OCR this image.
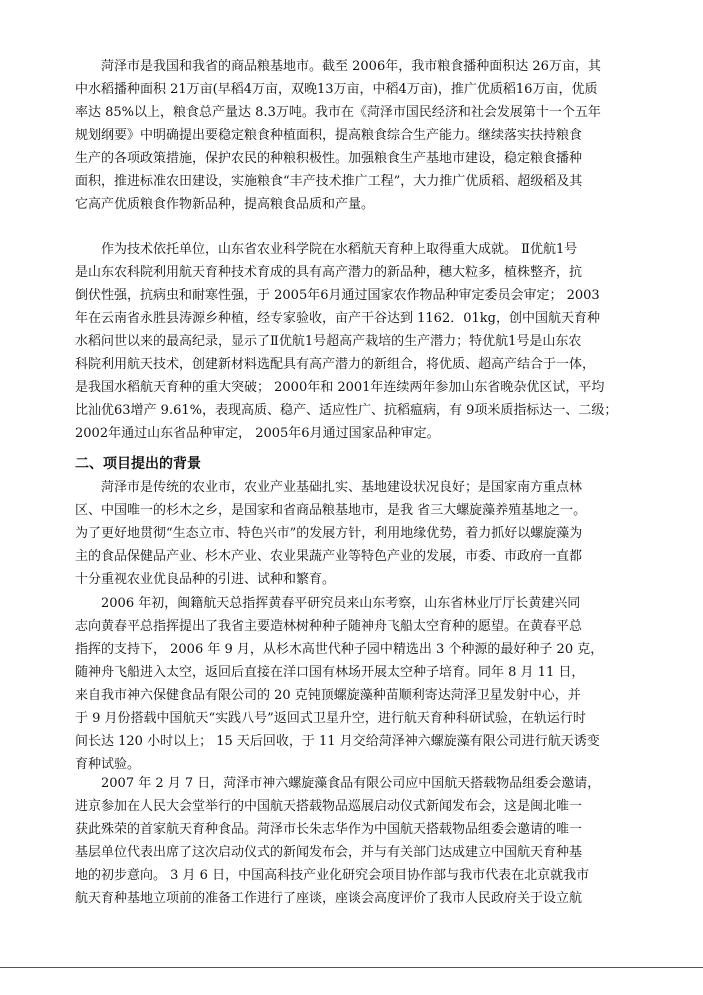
　　菏泽市是我国和我省的商品粮基地市。截至 2006年，我市粮食播种面积达 26万亩，其
中水稻播种面积 21万亩(早稻4万亩，双晚13万亩，中稻4万亩)，推广优质稻16万亩，优质
率达 85%以上，粮食总产量达 8.3万吨。我市在《菏泽市国民经济和社会发展第十一个五年
规划纲要》中明确提出要稳定粮食种植面积，提高粮食综合生产能力。继续落实扶持粮食
生产的各项政策措施，保护农民的种粮积极性。加强粮食生产基地市建设，稳定粮食播种
面积，推进标准农田建设，实施粮食“丰产技术推广工程”，大力推广优质稻、超级稻及其
它高产优质粮食作物新品种，提高粮食品质和产量。
　　作为技术依托单位，山东省农业科学院在水稻航天育种上取得重大成就。 Ⅱ优航1号
是山东农科院利用航天育种技术育成的具有高产潜力的新品种，穗大粒多，植株整齐，抗
倒伏性强，抗病虫和耐寒性强，于 2005年6月通过国家农作物品种审定委员会审定； 2003
年在云南省永胜县涛源乡种植，经专家验收，亩产干谷达到 1162．01kg，创中国航天育种
水稻问世以来的最高纪录，显示了Ⅱ优航1号超高产栽培的生产潜力；特优航1号是山东农
科院利用航天技术，创建新材料选配具有高产潜力的新组合，将优质、超高产结合于一体，
是我国水稻航天育种的重大突破； 2000年和 2001年连续两年参加山东省晚杂优区试，平均
比汕优63增产 9.61%，表现高质、稳产、适应性广、抗稻瘟病，有 9项米质指标达一、二级；
2002年通过山东省品种审定， 2005年6月通过国家品种审定。
二、项目提出的背景
　　菏泽市是传统的农业市，农业产业基础扎实、基地建设状况良好；是国家南方重点林
区、中国唯一的杉木之乡，是国家和省商品粮基地市，是我 省三大螺旋藻养殖基地之一。
为了更好地贯彻“生态立市、特色兴市”的发展方针，利用地缘优势，着力抓好以螺旋藻为
主的食品保健品产业、杉木产业、农业果蔬产业等特色产业的发展，市委、市政府一直都
十分重视农业优良品种的引进、试种和繁育。
　　2006 年初，闽籍航天总指挥黄春平研究员来山东考察，山东省林业厅厅长黄建兴同
志向黄春平总指挥提出了我省主要造林树种种子随神舟飞船太空育种的愿望。在黄春平总
指挥的支持下， 2006 年 9 月，从杉木高世代种子园中精选出 3 个种源的最好种子 20 克，
随神舟飞船进入太空，返回后直接在洋口国有林场开展太空种子培育。同年 8 月 11 日，
来自我市神六保健食品有限公司的 20 克钝顶螺旋藻种苗顺利寄达菏泽卫星发射中心，并
于 9 月份搭载中国航天“实践八号”返回式卫星升空，进行航天育种科研试验，在轨运行时
间长达 120 小时以上； 15 天后回收，于 11 月交给菏泽神六螺旋藻有限公司进行航天诱变
育种试验。
　　2007 年 2 月 7 日，菏泽市神六螺旋藻食品有限公司应中国航天搭载物品组委会邀请，
进京参加在人民大会堂举行的中国航天搭载物品巡展启动仪式新闻发布会，这是闽北唯一
获此殊荣的首家航天育种食品。菏泽市长朱志华作为中国航天搭载物品组委会邀请的唯一
基层单位代表出席了这次启动仪式的新闻发布会，并与有关部门达成建立中国航天育种基
地的初步意向。 3 月 6 日，中国高科技产业化研究会项目协作部与我市代表在北京就我市
航天育种基地立项前的准备工作进行了座谈，座谈会高度评价了我市人民政府关于设立航
